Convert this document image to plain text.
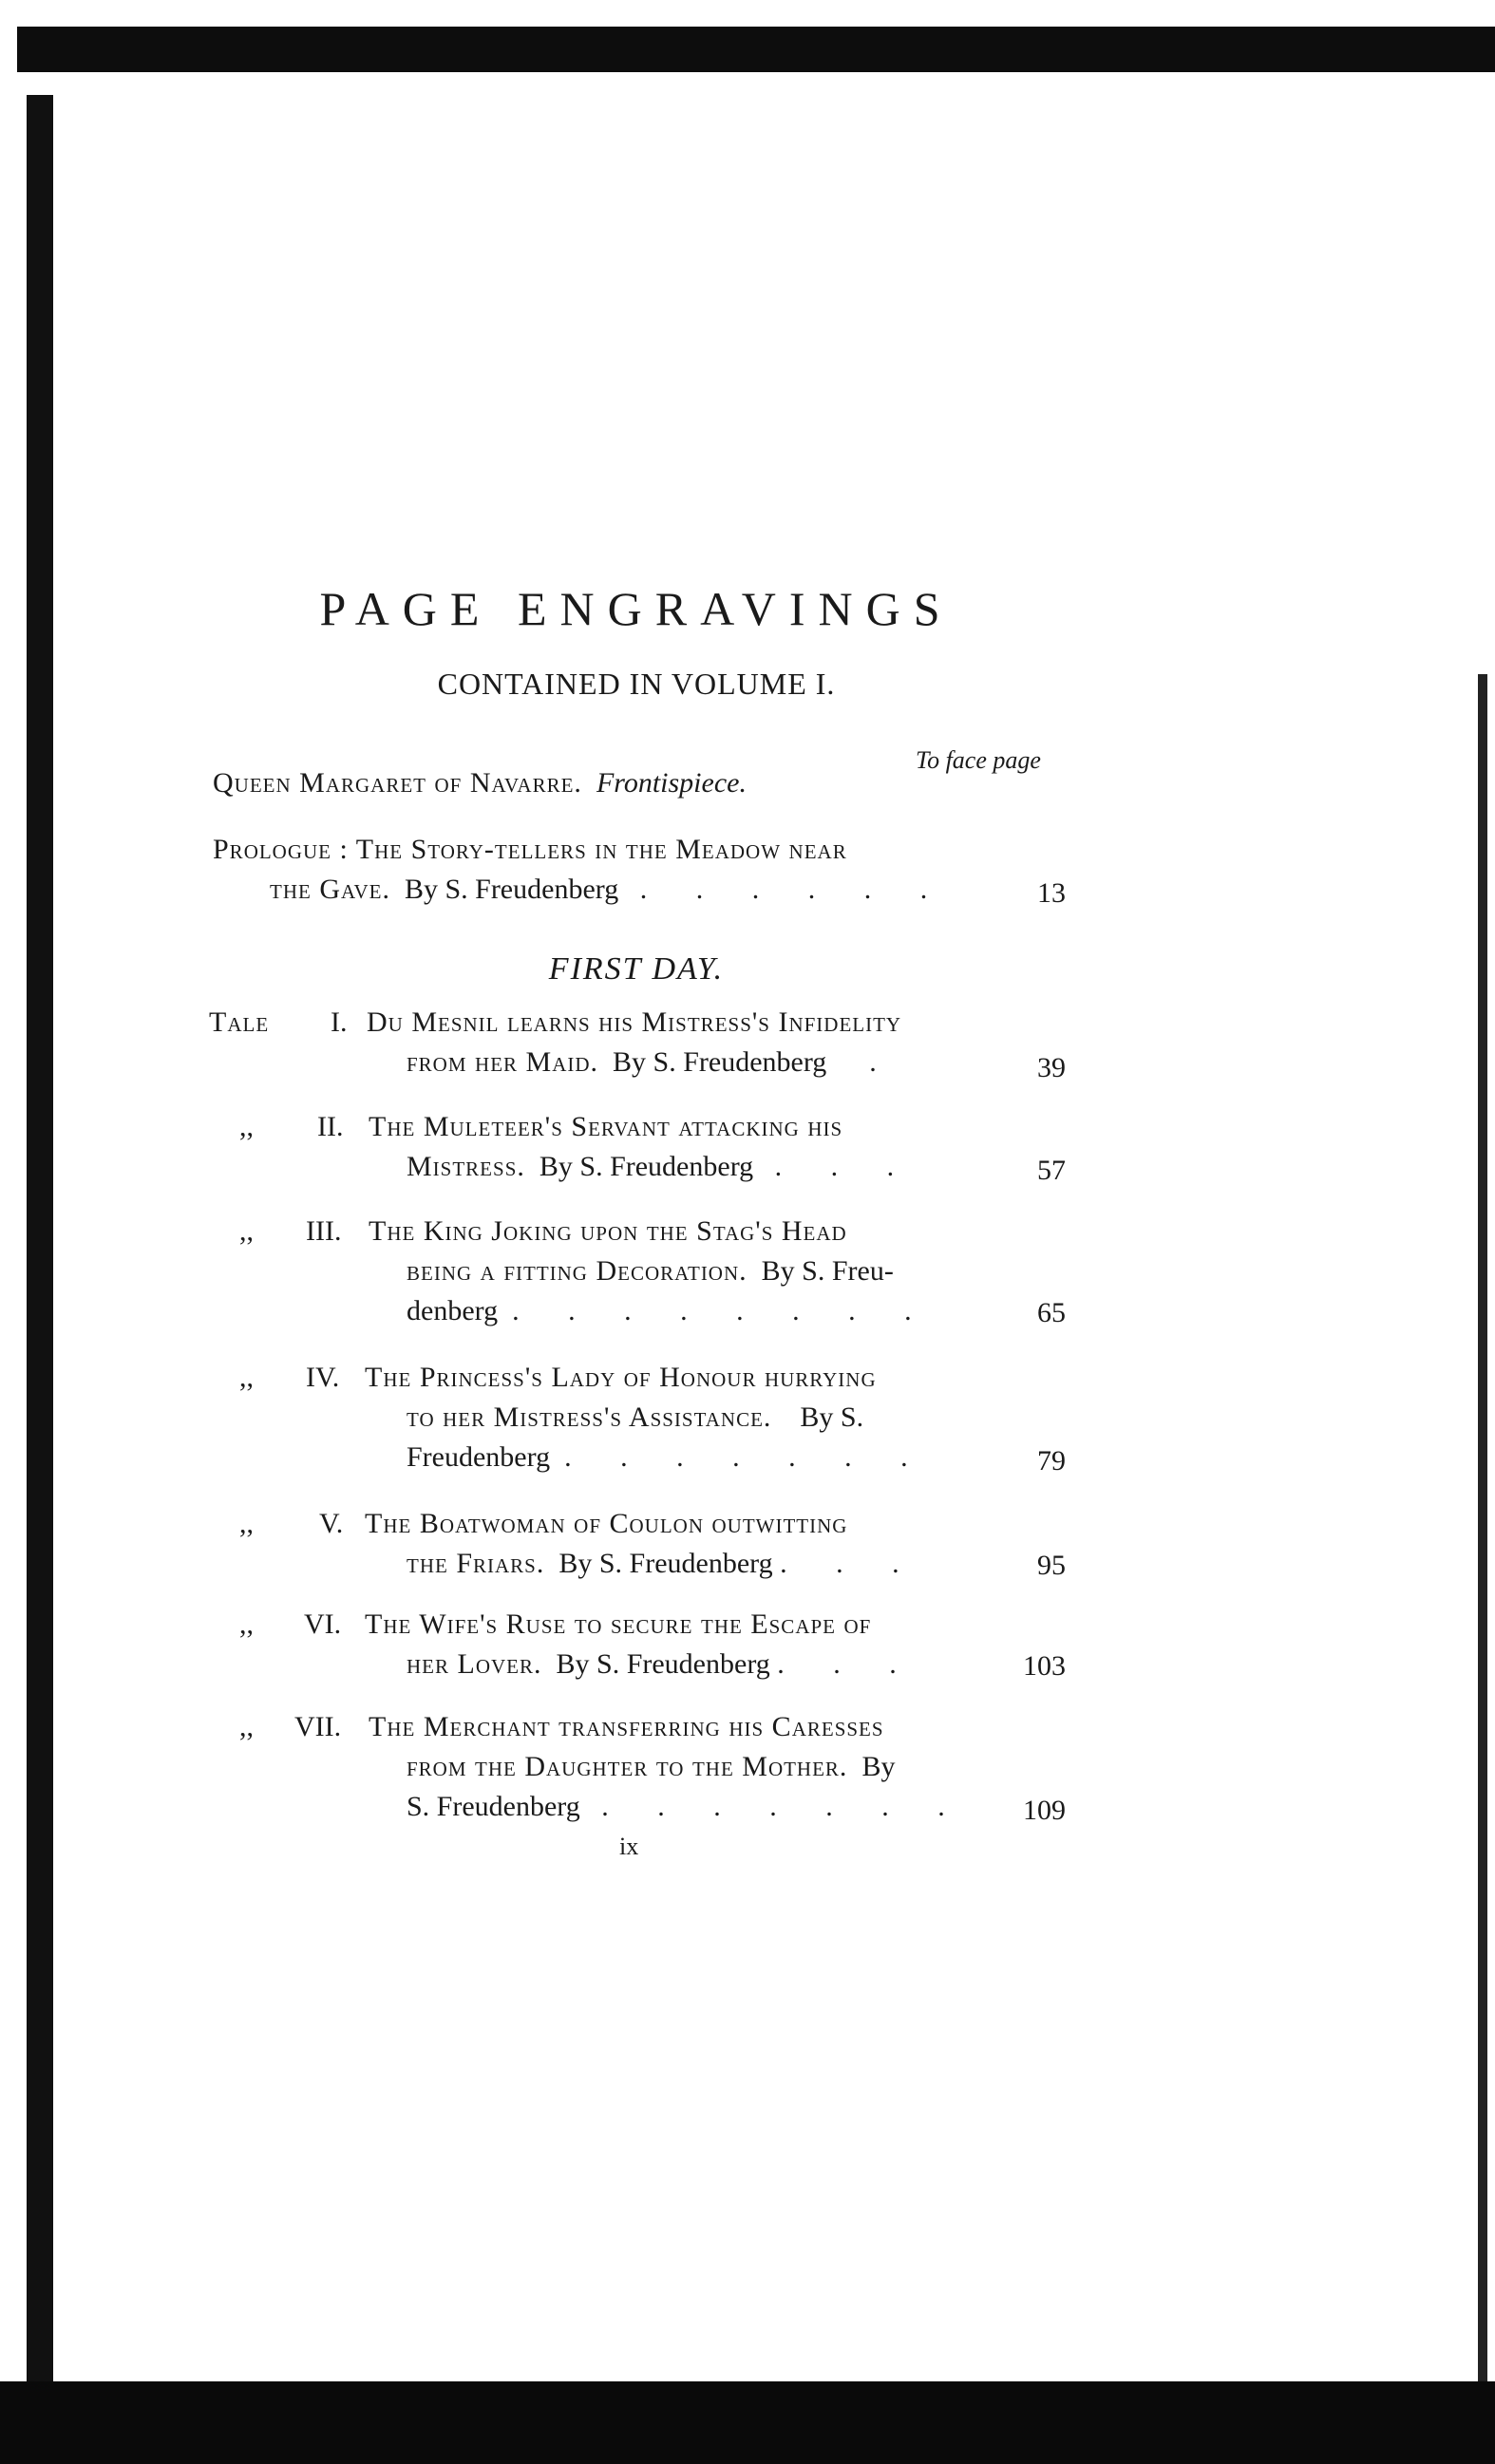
PAGE ENGRAVINGS
CONTAINED IN VOLUME I.
To face page
Queen Margaret of Navarre. Frontispiece.
Prologue : The Story-tellers in the Meadow near
the Gave. By S. Freudenberg . . . . . .	13
FIRST DAY.
Tale I. Du Mesnil learns his Mistress's Infidelity
from her Maid. By S. Freudenberg .	39
,, II. The Muleteer's Servant attacking his
Mistress. By S. Freudenberg . . .	57
,, III. The King Joking upon the Stag's Head
being a fitting Decoration. By S. Freu-
denberg . . . . . . . .	65
,, IV. The Princess's Lady of Honour hurrying
to her Mistress's Assistance. By S.
Freudenberg . . . . . . .	79
,, V. The Boatwoman of Coulon outwitting
the Friars. By S. Freudenberg . . .	95
,, VI. The Wife's Ruse to secure the Escape of
her Lover. By S. Freudenberg . . .	103
,, VII. The Merchant transferring his Caresses
from the Daughter to the Mother. By
S. Freudenberg . . . . . . .	109
ix
